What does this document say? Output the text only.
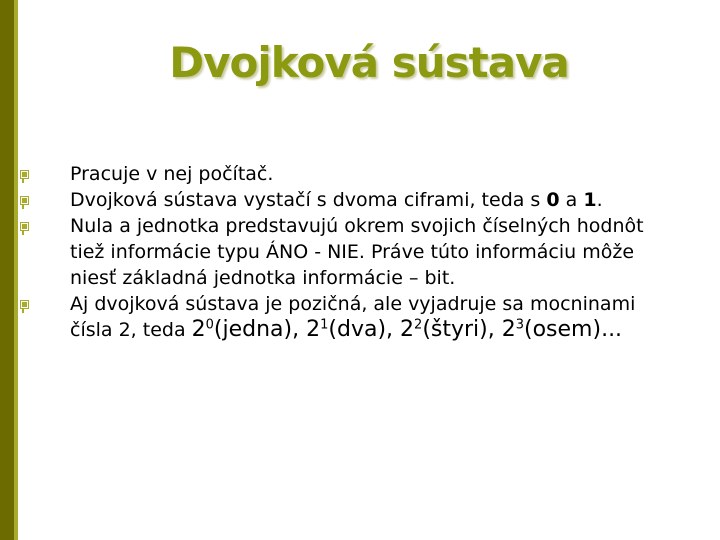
Dvojková sústava
Pracuje v nej počítač.
Dvojková sústava vystačí s dvoma ciframi, teda s 0 a 1.
Nula a jednotka predstavujú okrem svojich číselných hodnôt tiež informácie typu ÁNO - NIE. Práve túto informáciu môže niesť základná jednotka informácie – bit.
Aj dvojková sústava je pozičná, ale vyjadruje sa mocninami čísla 2, teda $2^0(jedna)$, $2^1(dva)$, $2^2(štyri)$, $2^3(osem)$...
